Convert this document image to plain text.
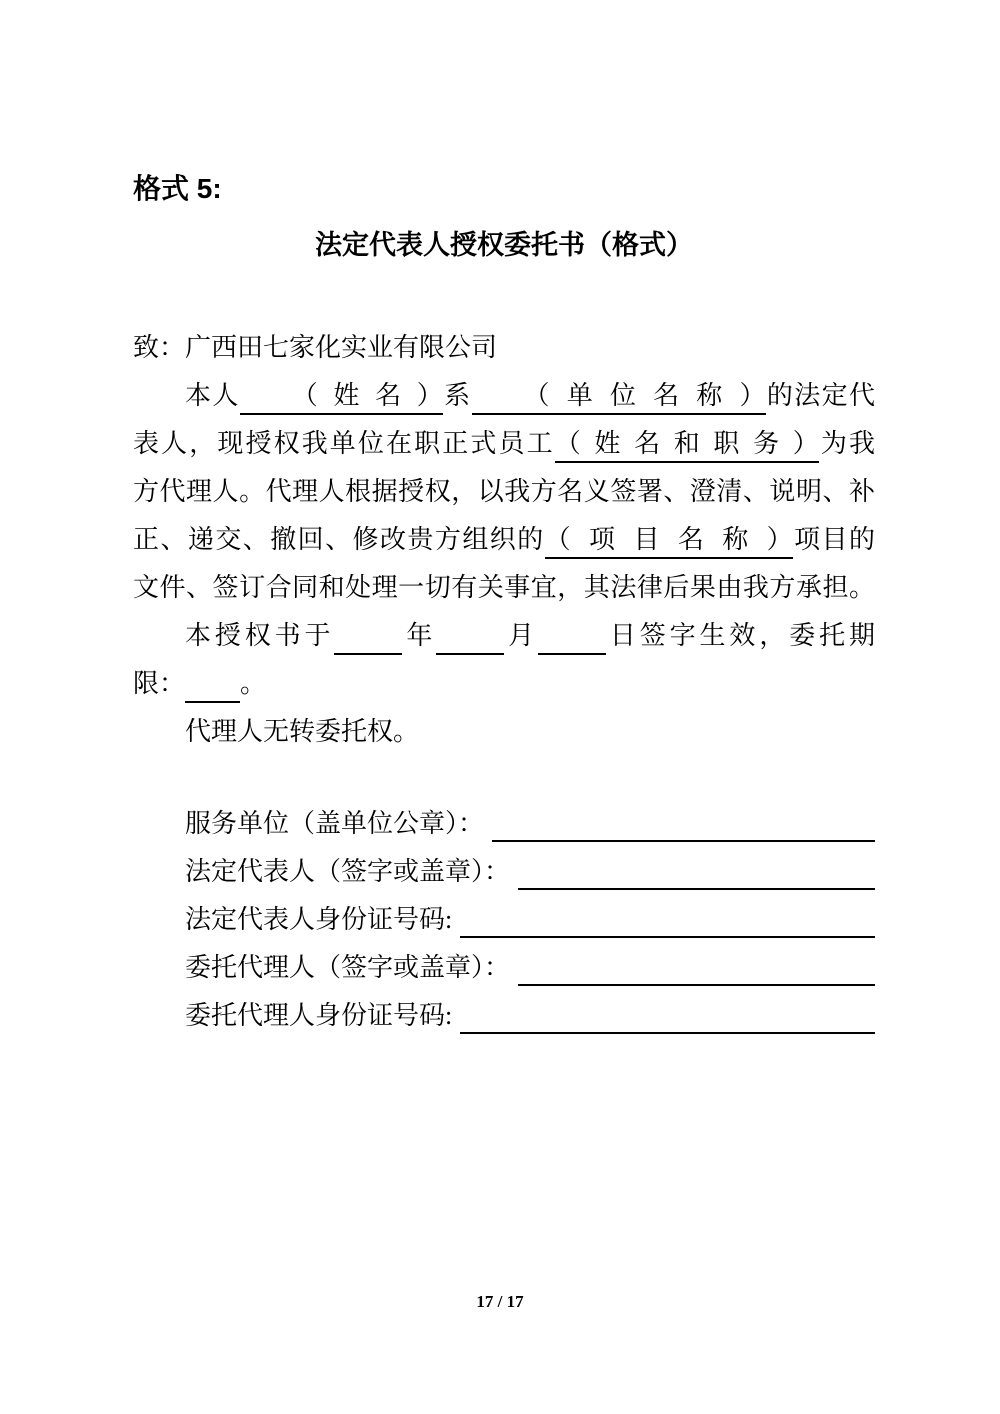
格式 5:
法定代表人授权委托书（格式）
致：广西田七家化实业有限公司
本人 （姓名）系 （单位名称）的法定代
表人，现授权我单位在职正式员工（姓名和职务）为我
方代理人。代理人根据授权，以我方名义签署、澄清、说明、补
正、递交、撤回、修改贵方组织的（项目名称）项目的
文件、签订合同和处理一切有关事宜，其法律后果由我方承担。
本授权书于	年	月	日签字生效，委托期
限： 。
代理人无转委托权。
服务单位（盖单位公章）：

法定代表人（签字或盖章）：

法定代表人身份证号码:

委托代理人（签字或盖章）：

委托代理人身份证号码:

17 / 17
